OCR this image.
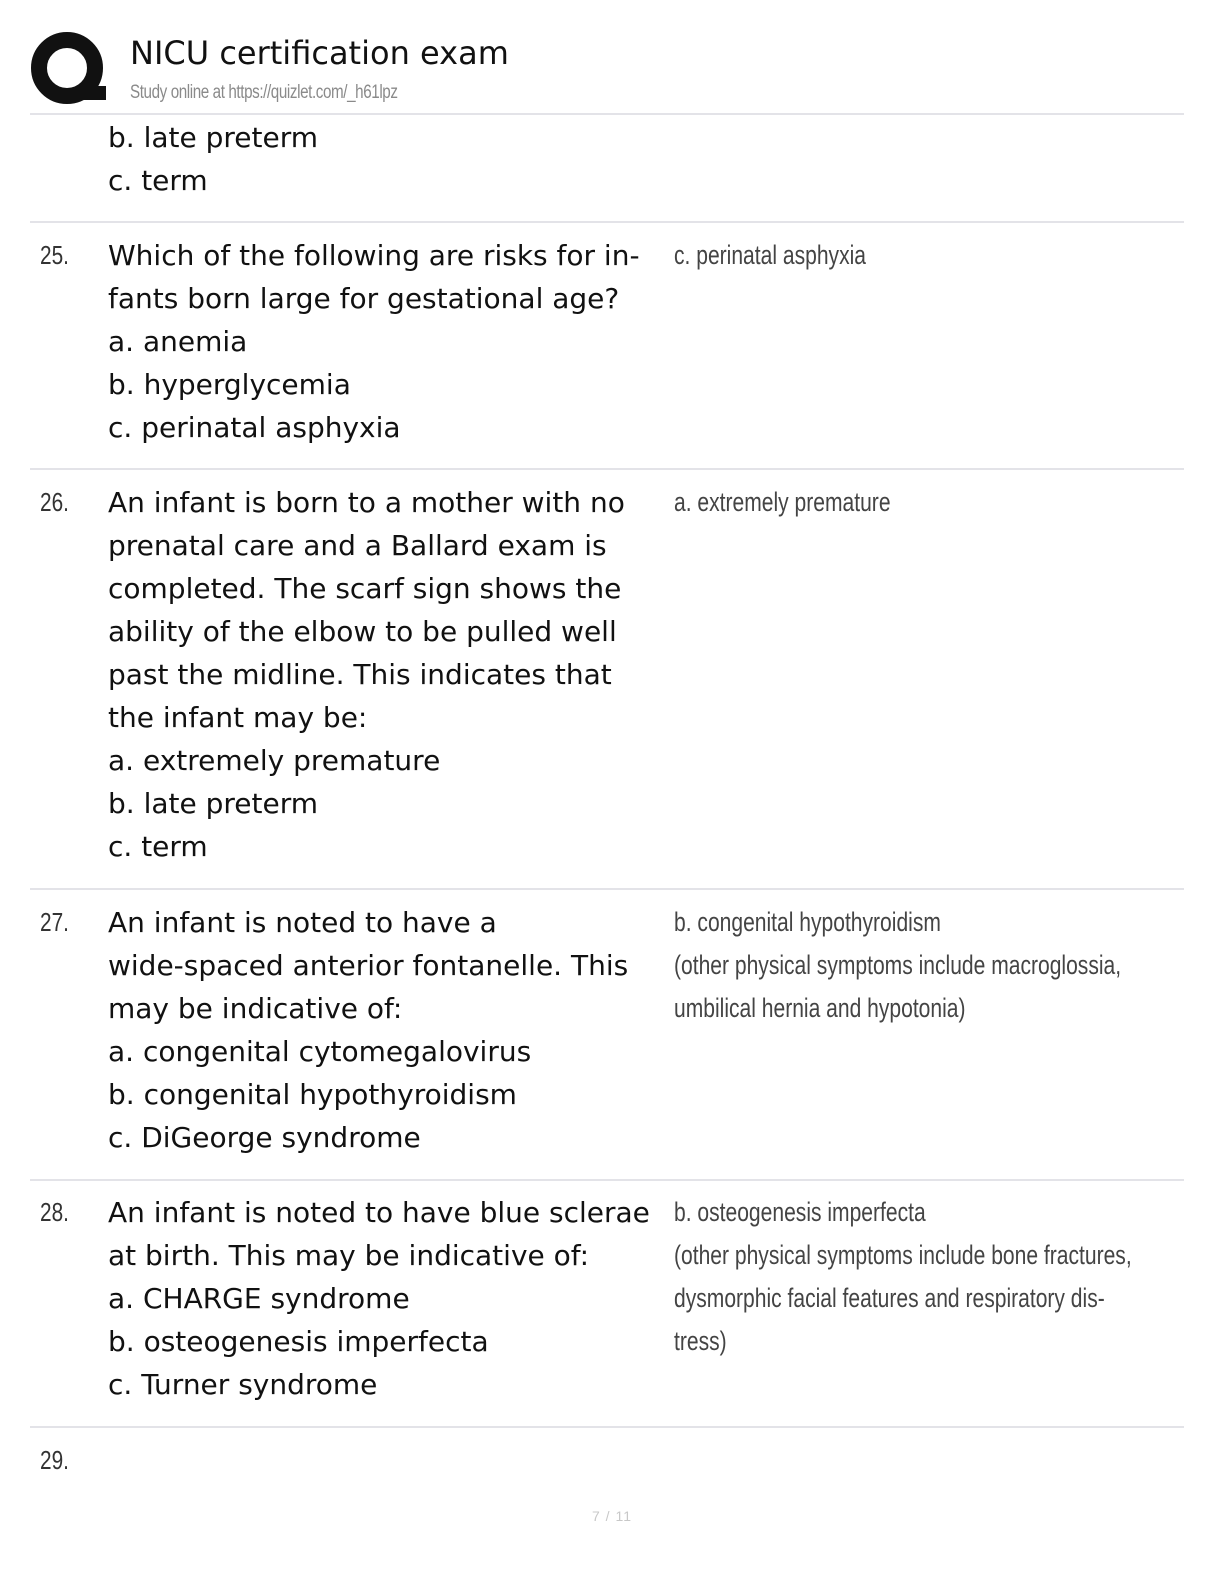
NICU certification exam
Study online at https://quizlet.com/_h61lpz
b. late preterm
c. term
25. Which of the following are risks for in-
fants born large for gestational age?
a. anemia
b. hyperglycemia
c. perinatal asphyxia
c. perinatal asphyxia
26. An infant is born to a mother with no
prenatal care and a Ballard exam is
completed. The scarf sign shows the
ability of the elbow to be pulled well
past the midline. This indicates that
the infant may be:
a. extremely premature
b. late preterm
c. term
a. extremely premature
27. An infant is noted to have a
wide-spaced anterior fontanelle. This
may be indicative of:
a. congenital cytomegalovirus
b. congenital hypothyroidism
c. DiGeorge syndrome
b. congenital hypothyroidism
(other physical symptoms include macroglossia,
umbilical hernia and hypotonia)
28. An infant is noted to have blue sclerae
at birth. This may be indicative of:
a. CHARGE syndrome
b. osteogenesis imperfecta
c. Turner syndrome
b. osteogenesis imperfecta
(other physical symptoms include bone fractures,
dysmorphic facial features and respiratory dis-
tress)
29.
7 / 11
